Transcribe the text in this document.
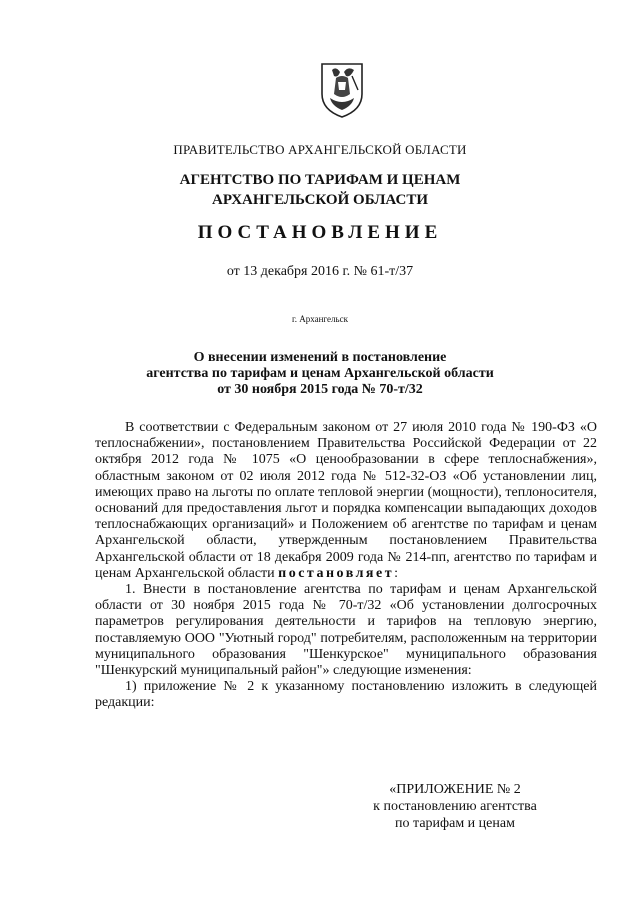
ПРАВИТЕЛЬСТВО АРХАНГЕЛЬСКОЙ ОБЛАСТИ
АГЕНТСТВО ПО ТАРИФАМ И ЦЕНАМ
АРХАНГЕЛЬСКОЙ ОБЛАСТИ
ПОСТАНОВЛЕНИЕ
от 13 декабря 2016 г. № 61-т/37
г. Архангельск
О внесении изменений в постановление
агентства по тарифам и ценам Архангельской области
от 30 ноября 2015 года № 70-т/32

В соответствии с Федеральным законом от 27 июля 2010 года № 190-ФЗ «О теплоснабжении», постановлением Правительства Российской Федерации от 22 октября 2012 года № 1075 «О ценообразовании в сфере теплоснабжения», областным законом от 02 июля 2012 года № 512-32-ОЗ «Об установлении лиц, имеющих право на льготы по оплате тепловой энергии (мощности), теплоносителя, оснований для предоставления льгот и порядка компенсации выпадающих доходов теплоснабжающих организаций» и Положением об агентстве по тарифам и ценам Архангельской области, утвержденным постановлением Правительства Архангельской области от 18 декабря 2009 года № 214-пп, агентство по тарифам и ценам Архангельской области постановляет:

1. Внести в постановление агентства по тарифам и ценам Архангельской области от 30 ноября 2015 года № 70-т/32 «Об установлении долгосрочных параметров регулирования деятельности и тарифов на тепловую энергию, поставляемую ООО "Уютный город" потребителям, расположенным на территории муниципального образования "Шенкурское" муниципального образования "Шенкурский муниципальный район"» следующие изменения:

1) приложение № 2 к указанному постановлению изложить в следующей редакции:

«ПРИЛОЖЕНИЕ № 2
к постановлению агентства
по тарифам и ценам
